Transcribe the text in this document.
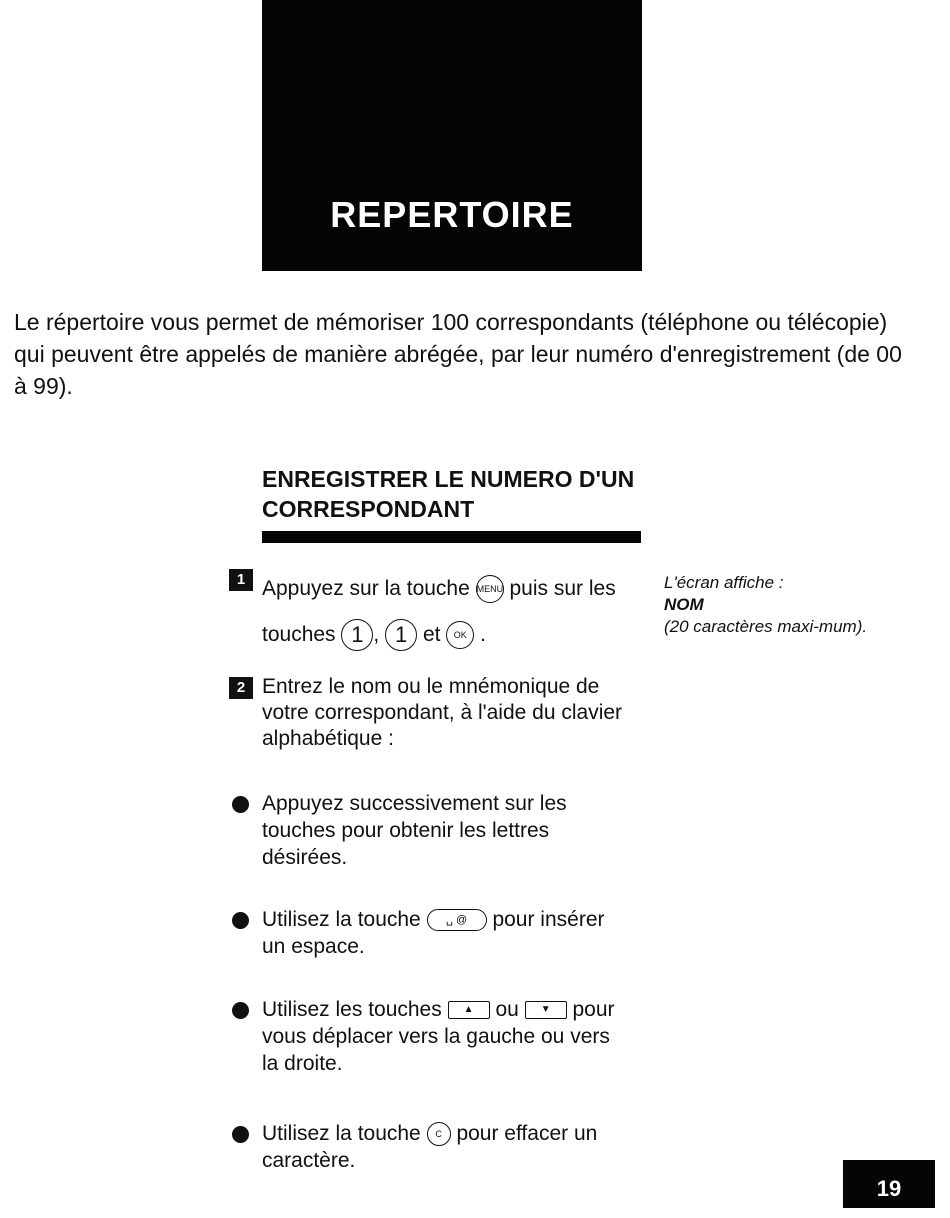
REPERTOIRE

Le répertoire vous permet de mémoriser 100 correspondants (téléphone ou télécopie) qui peuvent être appelés de manière abrégée, par leur numéro d'enregistrement (de 00 à 99).

ENREGISTRER LE NUMERO D'UN CORRESPONDANT
1 Appuyez sur la touche MENU puis sur les touches 1 , 1 et OK .
2 Entrez le nom ou le mnémonique de votre correspondant, à l'aide du clavier alphabétique :
Appuyez successivement sur les touches pour obtenir les lettres désirées.
Utilisez la touche ␣ @ pour insérer un espace.
Utilisez les touches ▲ ou ▼ pour vous déplacer vers la gauche ou vers la droite.
Utilisez la touche C pour effacer un caractère.
L'écran affiche :
NOM
(20 caractères maxi-mum).
19
